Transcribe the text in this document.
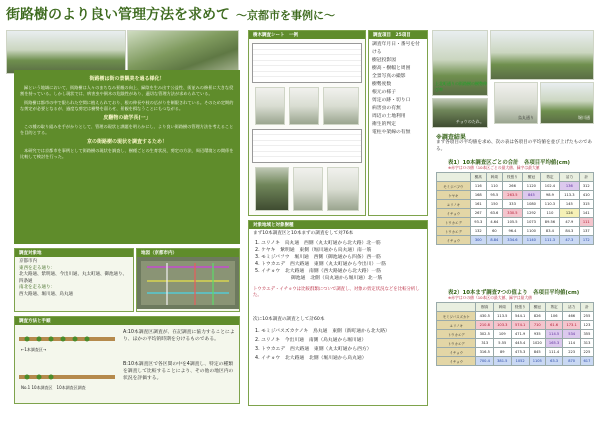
街路樹のより良い管理方法を求めて 〜京都市を事例に〜
街路樹は街の景観美を過る様化！

緑という地域において、街路樹は人々のまちなみ景観の向上、緑陰を生み出す公益性、街並みの修景に大きな役割を持っている。しかし現状では、病害虫や倒木の危険性があり、適切な管理方法が求められている。

街路樹は都市の中で限られた空間に植えられており、根の伸長や枝の広がりを制限されている。そのため定期的な剪定が必要となるが、過度な剪定は樹勢を弱らせ、景観を損なうことにもつながる。

皮翻物の硫学長(一」

この種の取り組みを手がかりとして、管理の現状と課題を明らかにし、より良い街路樹の管理方法を考えることを目的とする。

京の街路樹の現状を調査するため！

本研究では京都市を事例として街路樹の現状を調査し、樹種ごとの生育状況、剪定の方法、周辺環境との関係を比較して検討を行った。

調査対象地
京都市内
東西を走る通り：
北大路通、紫明通、今出川通、丸太町通、御池通り、四条通
南北を走る通り：
西大路通、堀川通、烏丸通
地図（京都市内）
調査方法と手順
←1本調査区→
No.1 10本調査区　10本調査区調査
A:10本調査区調査が、在記調査に協力することにより、ほかの平均的時期を分けるものである。
B:10本調査区で各区間の中を4調査し、特定の種類を調査して比較することにより、その他の地区内の状況を評価する。
樹木調査シート　一例	調査項目　25項目
調査年月日・番号を付ける
樹冠投影図
樹高・樹幅と周囲
全景写真の撮影
樹勢度数
根元の様子
剪定の跡・切り口
病害虫の有無
周辺の土地利用
衛生的判定
電柱や架線の有無
対象地域と対象樹種
まず10本調査区と10本まずの調査をして対76本
1. ユリノキ　 烏丸通　西側（丸太町通から北大路）北一筋
2. ケヤキ　 紫明通　東側（堀川通から烏丸通）南一筋
3. モミジバフウ　 堀川通　西側（御池通から四条）西一筋
4. トウカエデ　 西大路通　東側（丸太町通から今出川）一筋
5. イチョウ　 北大路通　南側（西大路通から北大路）一筋
御池通　北側（烏丸通から堀川通）北一筋
トウカエデ・イチョウは比較群類についで調査し、対象の剪定状況などを比較分析した。
次に10本調査の調査として計60本
1. モミジバスズカケノキ　 鳥丸通　東側（新町通から北大路）
2. ユリノキ　 今出川通　南側（烏丸通から堀川通）
3. トウカエデ　 西大路通　東側（丸太町通から西方）
4. イチョウ　 北大路通　北側（堀川通から烏丸通）
上北町通りの街路樹の樹勢伸び率
チョウのたれ。
烏丸通り	堀川通
※調査結果
まず各項目の平均値を求め、次の表は各項目の平均値を並び上げたものである。
表1）10本調査区ごとの合計　各項目平均値(cm)
※赤字は０の値（10本区ごとの最大値、緑字は最大値
	樹高	幹周	枝張り	樹冠	剪定	活力	計
モミジバフウ	116	110	266	1120	102.4	136	312
ケヤキ	168	95.5	263.5	845	98.9	113.3	410
ユリノキ	161	150	333	1080	110.3	145	315
イチョウ	267	63.6	330.5	1292	110	124	141
トウカエデ	93.3	4.64	105.5	1073	89.56	47.9	111
トウカエデ	132	60	96.4	1100	83.4	84.3	137
イチョウ	300	8.84	334.6	1140	111.3	47.3	172
表2）10本まず調査7つの值より　各項目平均値(cm)
※赤字は０の値（10本区の最大値、緑字は最大値
	樹高	幹周	枝張り	樹冠	剪定	活力	計
モミジバスズカケ	430.5	113.5	544.1	826	106	466	255
ユリノキ	210.8	103.3	574.1	710	61.6	173.1	123
トウカエデ	302.5	109	471.9	935	114.5	534	355
トウカエデ	313	5.55	445.4	1020	165.3	114	313
イチョウ	316.5	89	475.3	845	111.4	223	225
イチョウ	700.4	381.5	1052	1105	63.3	870	617
